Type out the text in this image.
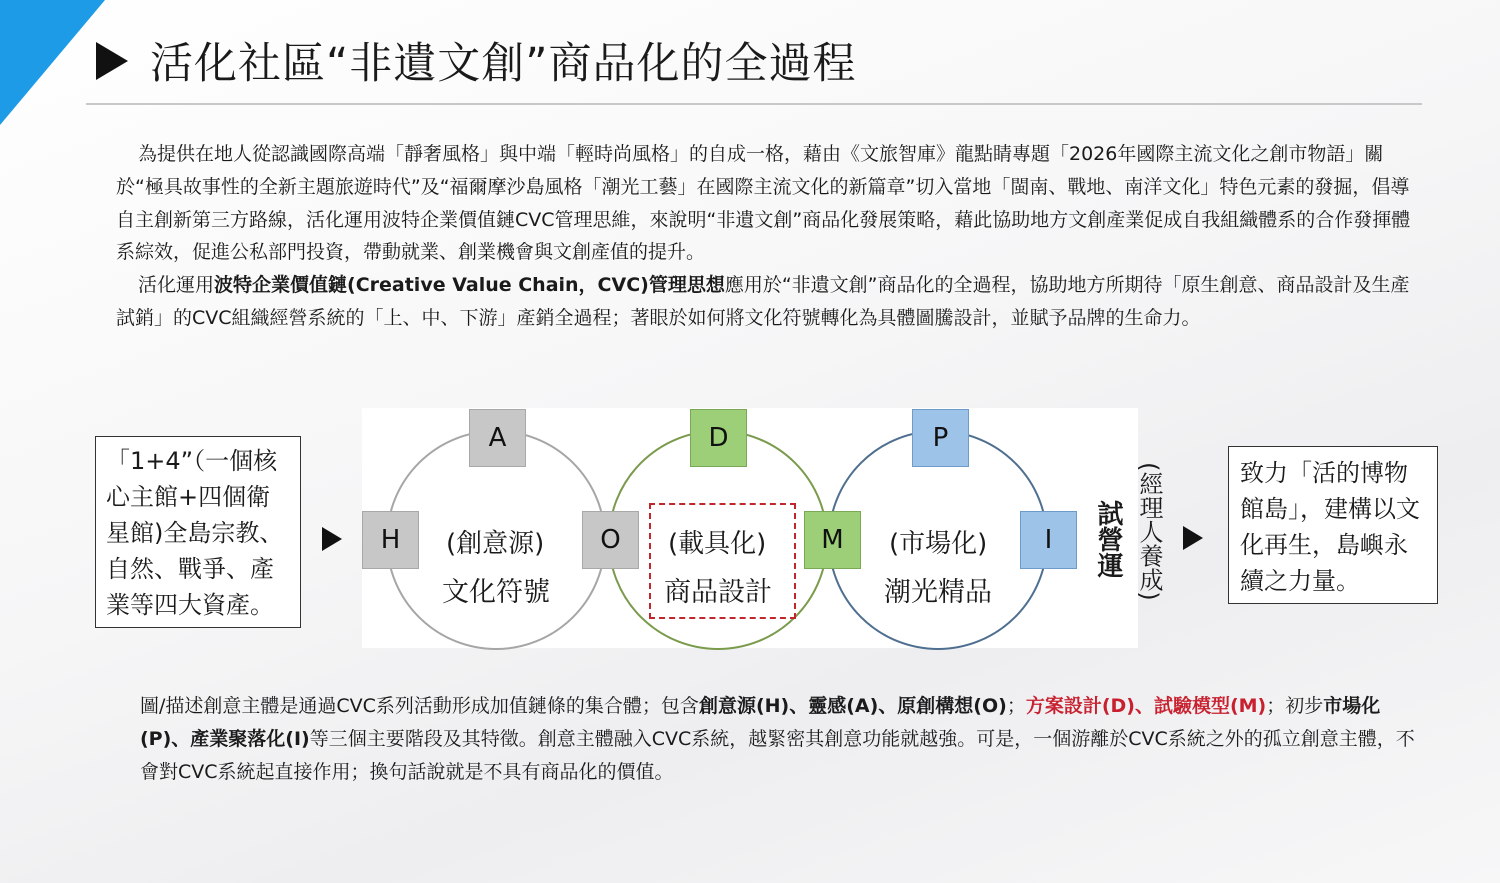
活化社區“非遺文創”商品化的全過程

為提供在地人從認識國際高端「靜奢風格」與中端「輕時尚風格」的自成一格，藉由《文旅智庫》龍點睛專題「2026年國際主流文化之創市物語」關於“極具故事性的全新主題旅遊時代”及“福爾摩沙島風格「潮光工藝」在國際主流文化的新篇章”切入當地「閩南、戰地、南洋文化」特色元素的發掘，倡導自主創新第三方路線，活化運用波特企業價值鏈CVC管理思維，來說明“非遺文創”商品化發展策略，藉此協助地方文創產業促成自我組織體系的合作發揮體系綜效，促進公私部門投資，帶動就業、創業機會與文創產值的提升。

活化運用波特企業價值鏈(Creative Value Chain，CVC)管理思想應用於“非遺文創”商品化的全過程，協助地方所期待「原生創意、商品設計及生產試銷」的CVC組織經營系統的「上、中、下游」產銷全過程；著眼於如何將文化符號轉化為具體圖騰設計，並賦予品牌的生命力。

「1+4”（一個核心主館+四個衛星館)全島宗教、自然、戰爭、產業等四大資產。
A	D	P
H	O	M	I
(創意源)
文化符號
(載具化)
商品設計
(市場化)
潮光精品
試營運 (經理人養成)	致力「活的博物館島」，建構以文化再生，島嶼永續之力量。

圖/描述創意主體是通過CVC系列活動形成加值鏈條的集合體；包含創意源(H)、靈感(A)、原創構想(O)；方案設計(D)、試驗模型(M)；初步市場化(P)、產業聚落化(I)等三個主要階段及其特徵。創意主體融入CVC系統，越緊密其創意功能就越強。可是，一個游離於CVC系統之外的孤立創意主體，不會對CVC系統起直接作用；換句話說就是不具有商品化的價值。
